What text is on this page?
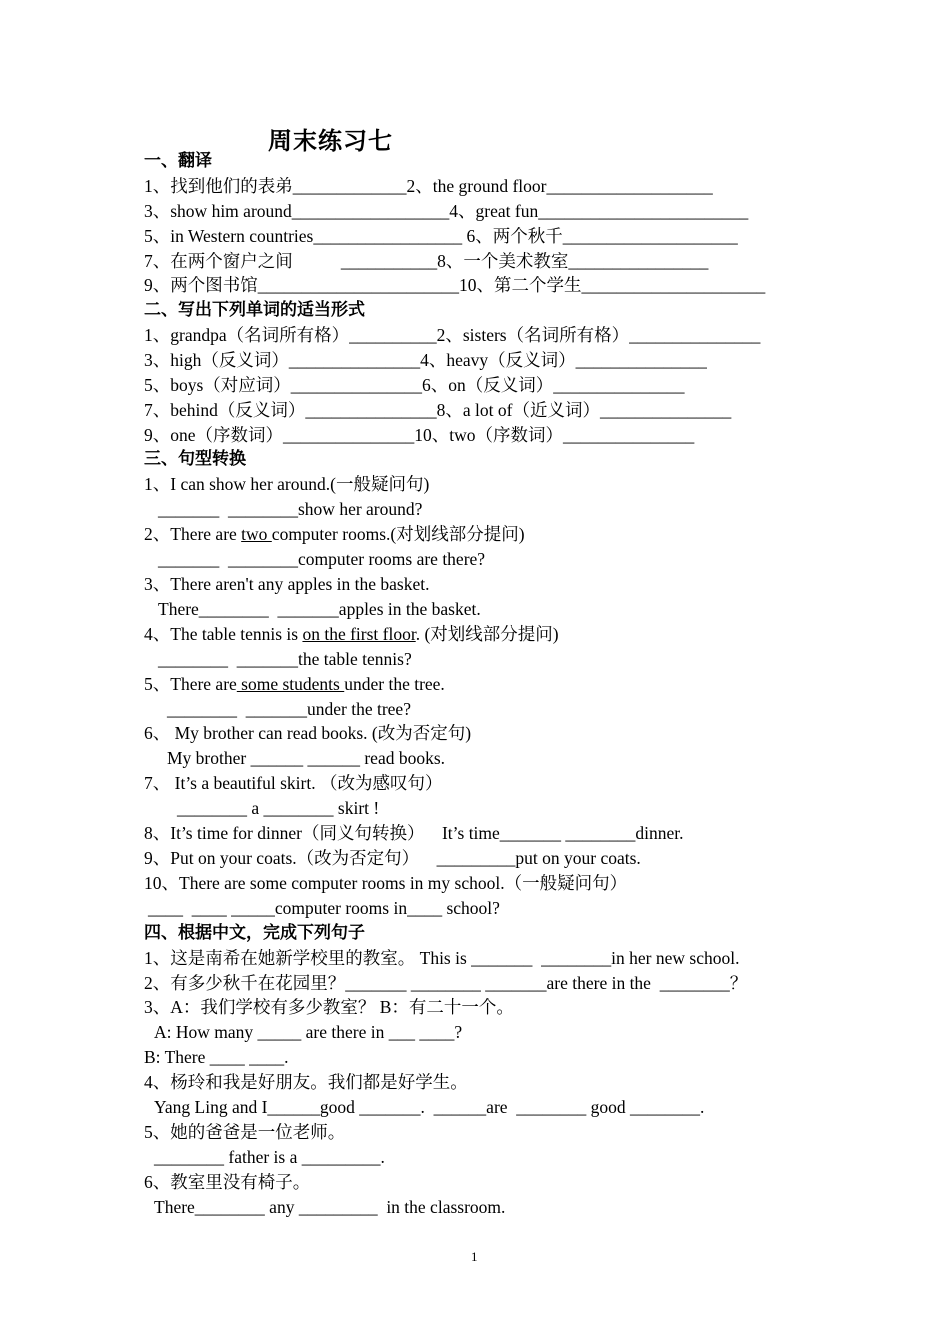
周末练习七
一、翻译
1、找到他们的表弟_____________2、the ground floor___________________
3、show him around__________________4、great fun________________________
5、in Western countries_________________ 6、两个秋千____________________
7、在两个窗户之间           ___________8、一个美术教室________________
9、两个图书馆_______________________10、第二个学生_____________________
二、写出下列单词的适当形式
1、grandpa（名词所有格）__________2、sisters（名词所有格）_______________
3、high（反义词）_______________4、heavy（反义词）_______________
5、boys（对应词）_______________6、on（反义词）_______________
7、behind（反义词）_______________8、a lot of（近义词）_______________
9、one（序数词）_______________10、two（序数词）_______________
三、句型转换
1、I can show her around.(一般疑问句)
_______  ________show her around?
2、There are two computer rooms.(对划线部分提问)
_______  ________computer rooms are there?
3、There aren't any apples in the basket.
There________  _______apples in the basket.
4、The table tennis is on the first floor. (对划线部分提问)
________  _______the table tennis?
5、There are some students under the tree.
________  _______under the tree?
6、 My brother can read books. (改为否定句)
My brother ______ ______ read books.
7、 It’s a beautiful skirt. （改为感叹句）
________ a ________ skirt !
8、It’s time for dinner（同义句转换）    It’s time_______ ________dinner.
9、Put on your coats.（改为否定句）    _________put on your coats.
10、There are some computer rooms in my school.（一般疑问句）
____  ____ _____computer rooms in____ school?
四、根据中文，完成下列句子
1、这是南希在她新学校里的教室。 This is _______  ________in her new school.
2、有多少秋千在花园里？_______ ________ _______are there in the  ________？
3、A：我们学校有多少教室？ B：有二十一个。
A: How many _____ are there in ___ ____?
B: There ____ ____.
4、杨玲和我是好朋友。我们都是好学生。
Yang Ling and I______good _______.  ______are  ________ good ________.
5、她的爸爸是一位老师。
________ father is a _________.
6、教室里没有椅子。
There________ any _________  in the classroom.
1
